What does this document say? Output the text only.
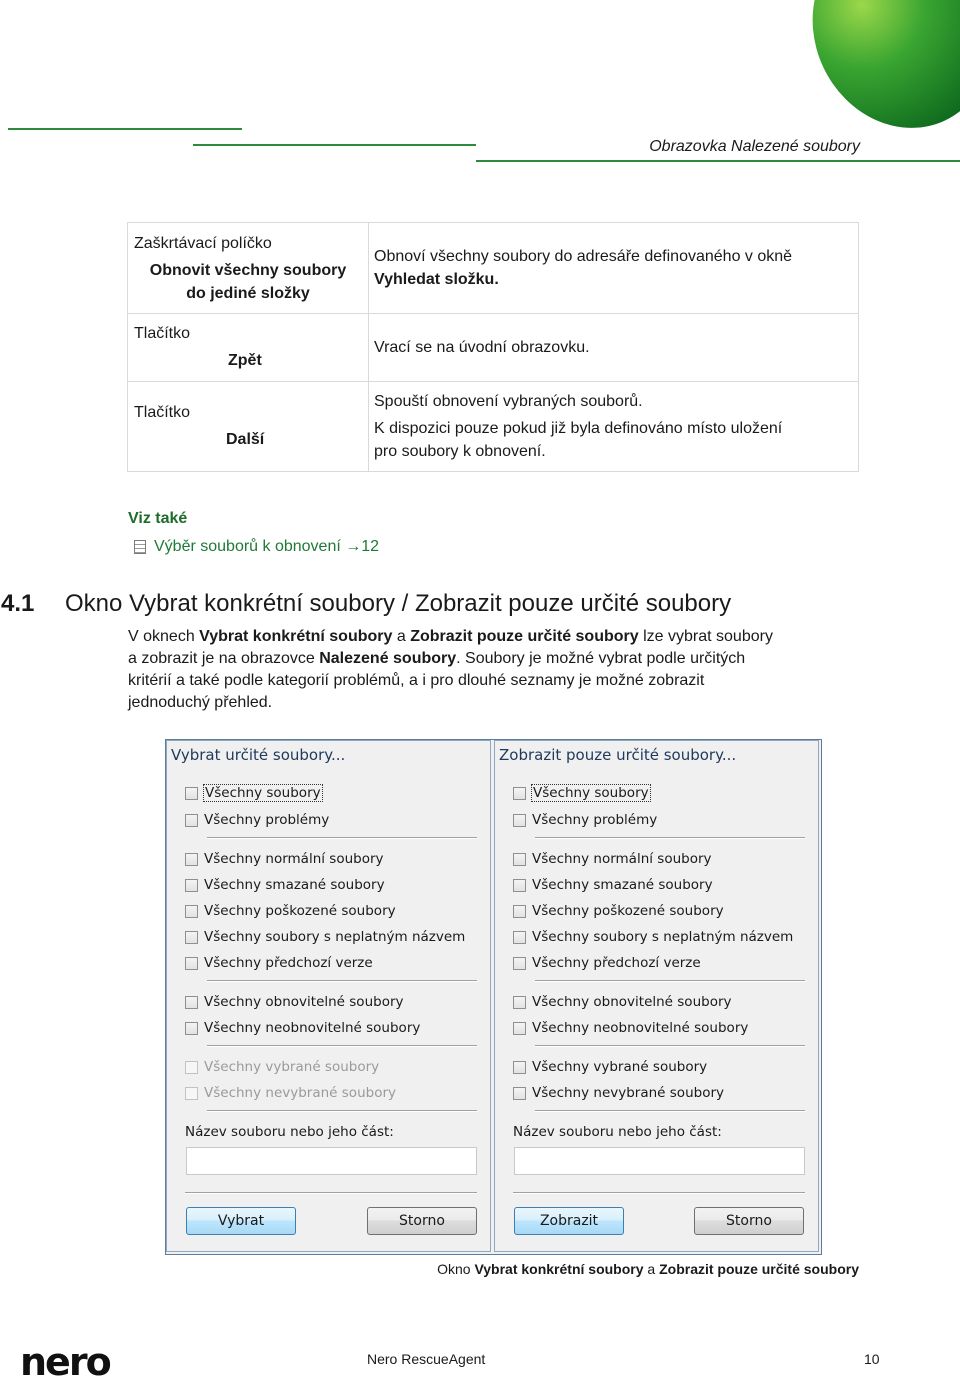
Obrazovka Nalezené soubory
Zaškrtávací políčko
Obnovit všechny soubory
do jediné složky	Obnoví všechny soubory do adresáře definovaného v okně
Vyhledat složku.

Tlačítko
Zpět	Vrací se na úvodní obrazovku.

Tlačítko
Další	Spouští obnovení vybraných souborů.
K dispozici pouze pokud již byla definováno místo uložení
pro soubory k obnovení.
Viz také
Výběr souborů k obnovení →12
4.1 Okno Vybrat konkrétní soubory / Zobrazit pouze určité soubory
V oknech Vybrat konkrétní soubory a Zobrazit pouze určité soubory lze vybrat soubory
a zobrazit je na obrazovce Nalezené soubory. Soubory je možné vybrat podle určitých
kritérií a také podle kategorií problémů, a i pro dlouhé seznamy je možné zobrazit
jednoduchý přehled.
Vybrat určité soubory...
Všechny soubory
Všechny problémy
Všechny normální soubory
Všechny smazané soubory
Všechny poškozené soubory
Všechny soubory s neplatným názvem
Všechny předchozí verze
Všechny obnovitelné soubory
Všechny neobnovitelné soubory
Všechny vybrané soubory
Všechny nevybrané soubory
Název souboru nebo jeho část:
Vybrat	Storno
Zobrazit pouze určité soubory...
Všechny soubory
Všechny problémy
Všechny normální soubory
Všechny smazané soubory
Všechny poškozené soubory
Všechny soubory s neplatným názvem
Všechny předchozí verze
Všechny obnovitelné soubory
Všechny neobnovitelné soubory
Všechny vybrané soubory
Všechny nevybrané soubory
Název souboru nebo jeho část:
Zobrazit	Storno
Okno Vybrat konkrétní soubory a Zobrazit pouze určité soubory
nero	Nero RescueAgent	10
